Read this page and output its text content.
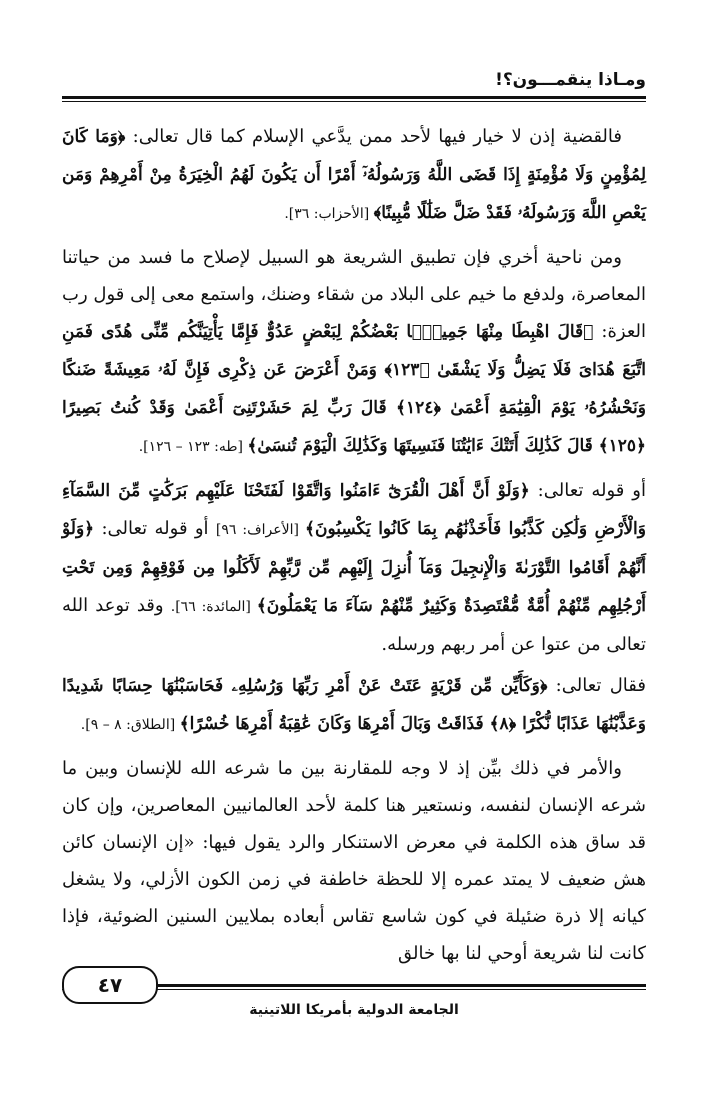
ومـاذا ينقمـــون؟!

فالقضية إذن لا خيار فيها لأحد ممن يدَّعي الإسلام كما قال تعالى: ﴿وَمَا كَانَ لِمُؤْمِنٍ وَلَا مُؤْمِنَةٍ إِذَا قَضَى اللَّهُ وَرَسُولُهُۥٓ أَمْرًا أَن يَكُونَ لَهُمُ الْخِيَرَةُ مِنْ أَمْرِهِمْ وَمَن يَعْصِ اللَّهَ وَرَسُولَهُۥ فَقَدْ ضَلَّ ضَلَٰلًا مُّبِينًا﴾ [الأحزاب: ٣٦].

ومن ناحية أخري فإن تطبيق الشريعة هو السبيل لإصلاح ما فسد من حياتنا المعاصرة، ولدفع ما خيم على البلاد من شقاء وضنك، واستمع معى إلى قول رب العزة: ﴿قَالَ اهْبِطَا مِنْهَا جَمِيعًۢا بَعْضُكُمْ لِبَعْضٍ عَدُوٌّ فَإِمَّا يَأْتِيَنَّكُم مِّنِّى هُدًى فَمَنِ اتَّبَعَ هُدَاىَ فَلَا يَضِلُّ وَلَا يَشْقَىٰ ﴿١٢٣﴾ وَمَنْ أَعْرَضَ عَن ذِكْرِى فَإِنَّ لَهُۥ مَعِيشَةً ضَنكًا وَنَحْشُرُهُۥ يَوْمَ الْقِيَٰمَةِ أَعْمَىٰ ﴿١٢٤﴾ قَالَ رَبِّ لِمَ حَشَرْتَنِىٓ أَعْمَىٰ وَقَدْ كُنتُ بَصِيرًا ﴿١٢٥﴾ قَالَ كَذَٰلِكَ أَتَتْكَ ءَايَٰتُنَا فَنَسِيتَهَا وَكَذَٰلِكَ الْيَوْمَ تُنسَىٰ﴾ [طه: ١٢٣ – ١٢٦].

أو قوله تعالى: ﴿وَلَوْ أَنَّ أَهْلَ الْقُرَىٰٓ ءَامَنُوا وَاتَّقَوْا لَفَتَحْنَا عَلَيْهِم بَرَكَٰتٍ مِّنَ السَّمَآءِ وَالْأَرْضِ وَلَٰكِن كَذَّبُوا فَأَخَذْنَٰهُم بِمَا كَانُوا يَكْسِبُونَ﴾ [الأعراف: ٩٦] أو قوله تعالى: ﴿وَلَوْ أَنَّهُمْ أَقَامُوا التَّوْرَىٰةَ وَالْإِنجِيلَ وَمَآ أُنزِلَ إِلَيْهِم مِّن رَّبِّهِمْ لَأَكَلُوا مِن فَوْقِهِمْ وَمِن تَحْتِ أَرْجُلِهِم مِّنْهُمْ أُمَّةٌ مُّقْتَصِدَةٌ وَكَثِيرٌ مِّنْهُمْ سَآءَ مَا يَعْمَلُونَ﴾ [المائدة: ٦٦]. وقد توعد الله تعالى من عتوا عن أمر ربهم ورسله.

فقال تعالى: ﴿وَكَأَيِّن مِّن قَرْيَةٍ عَتَتْ عَنْ أَمْرِ رَبِّهَا وَرُسُلِهِۦ فَحَاسَبْنَٰهَا حِسَابًا شَدِيدًا وَعَذَّبْنَٰهَا عَذَابًا نُّكْرًا ﴿٨﴾ فَذَاقَتْ وَبَالَ أَمْرِهَا وَكَانَ عَٰقِبَةُ أَمْرِهَا خُسْرًا﴾ [الطلاق: ٨ – ٩].

والأمر في ذلك بيِّن إذ لا وجه للمقارنة بين ما شرعه الله للإنسان وبين ما شرعه الإنسان لنفسه، ونستعير هنا كلمة لأحد العالمانيين المعاصرين، وإن كان قد ساق هذه الكلمة في معرض الاستنكار والرد يقول فيها: «إن الإنسان كائن هش ضعيف لا يمتد عمره إلا للحظة خاطفة في زمن الكون الأزلي، ولا يشغل كيانه إلا ذرة ضئيلة في كون شاسع تقاس أبعاده بملايين السنين الضوئية، فإذا كانت لنا شريعة أوحي لنا بها خالق

٤٧
الجامعة الدولية بأمريكا اللاتينية
